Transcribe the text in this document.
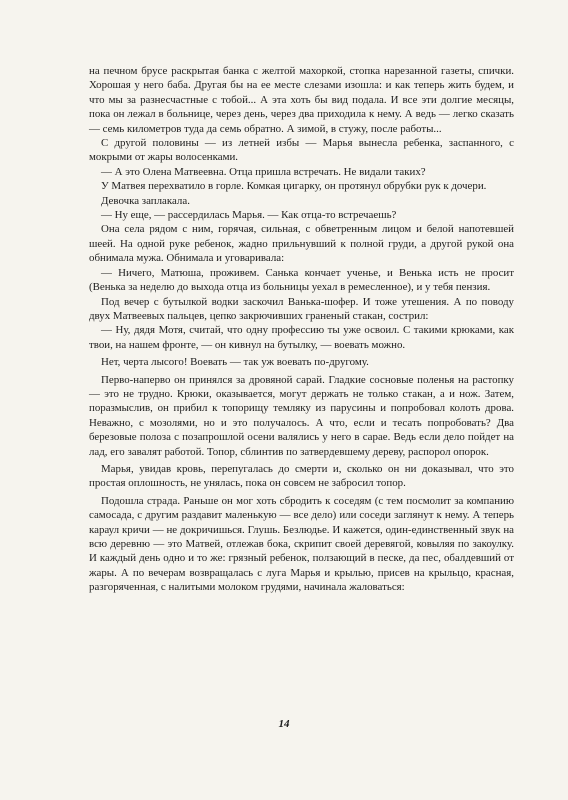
на печном брусе раскрытая банка с желтой махоркой, стопка нарезанной газеты, спички. Хорошая у него баба. Другая бы на ее месте слезами изошла: и как теперь жить будем, и что мы за разнесчастные с тобой... А эта хоть бы вид подала. И все эти долгие месяцы, пока он лежал в больнице, через день, через два приходила к нему. А ведь — легко сказать — семь километров туда да семь обратно. А зимой, в стужу, после работы...

С другой половины — из летней избы — Марья вынесла ребенка, заспанного, с мокрыми от жары волосенками.

— А это Олена Матвеевна. Отца пришла встречать. Не видали таких?

У Матвея перехватило в горле. Комкая цигарку, он протянул обрубки рук к дочери.

Девочка заплакала.

— Ну еще, — рассердилась Марья. — Как отца-то встречаешь?

Она села рядом с ним, горячая, сильная, с обветренным лицом и белой напотевшей шеей. На одной руке ребенок, жадно прильнувший к полной груди, а другой рукой она обнимала мужа. Обнимала и уговаривала:

— Ничего, Матюша, проживем. Санька кончает ученье, и Венька исть не просит (Венька за неделю до выхода отца из больницы уехал в ремесленное), и у тебя пензия.

Под вечер с бутылкой водки заскочил Ванька-шофер. И тоже утешения. А по поводу двух Матвеевых пальцев, цепко закрючивших граненый стакан, сострил:

— Ну, дядя Мотя, считай, что одну профессию ты уже освоил. С такими крюками, как твои, на нашем фронте, — он кивнул на бутылку, — воевать можно.

Нет, черта лысого! Воевать — так уж воевать по-другому.

Перво-наперво он принялся за дровяной сарай. Гладкие сосновые поленья на растопку — это не трудно. Крюки, оказывается, могут держать не только стакан, а и нож. Затем, поразмыслив, он прибил к топорищу темляку из парусины и попробовал колоть дрова. Неважно, с мозолями, но и это получалось. А что, если и тесать попробовать? Два березовые полоза с позапрошлой осени валялись у него в сарае. Ведь если дело пойдет на лад, его завалят работой. Топор, сблинтив по затвердевшему дереву, распорол опорок.

Марья, увидав кровь, перепугалась до смерти и, сколько он ни доказывал, что это простая оплошность, не унялась, пока он совсем не забросил топор.

Подошла страда. Раньше он мог хоть сбродить к соседям (с тем посмолит за компанию самосада, с другим раздавит маленькую — все дело) или соседи заглянут к нему. А теперь караул кричи — не докричишься. Глушь. Безлюдье. И кажется, один-единственный звук на всю деревню — это Матвей, отлежав бока, скрипит своей деревягой, ковыляя по закоулку. И каждый день одно и то же: грязный ребенок, ползающий в песке, да пес, обалдевший от жары. А по вечерам возвращалась с луга Марья и крылью, присев на крыльцо, красная, разгоряченная, с налитыми молоком грудями, начинала жаловаться:

14
